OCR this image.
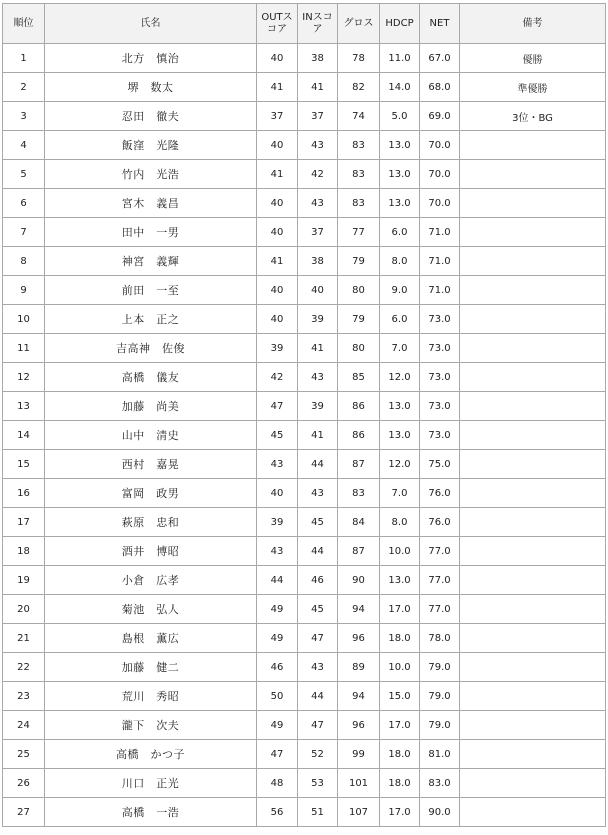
順位	氏名	OUTスコア	INスコア	グロス	HDCP	NET	備考
1	北方　慎治	40	38	78	11.0	67.0	優勝
2	堺　数太	41	41	82	14.0	68.0	準優勝
3	忍田　徹夫	37	37	74	5.0	69.0	3位・BG
4	飯窪　光隆	40	43	83	13.0	70.0	
5	竹内　光浩	41	42	83	13.0	70.0	
6	宮木　義昌	40	43	83	13.0	70.0	
7	田中　一男	40	37	77	6.0	71.0	
8	神宮　義輝	41	38	79	8.0	71.0	
9	前田　一至	40	40	80	9.0	71.0	
10	上本　正之	40	39	79	6.0	73.0	
11	吉高神　佐俊	39	41	80	7.0	73.0	
12	高橋　儀友	42	43	85	12.0	73.0	
13	加藤　尚美	47	39	86	13.0	73.0	
14	山中　清史	45	41	86	13.0	73.0	
15	西村　嘉晃	43	44	87	12.0	75.0	
16	富岡　政男	40	43	83	7.0	76.0	
17	萩原　忠和	39	45	84	8.0	76.0	
18	酒井　博昭	43	44	87	10.0	77.0	
19	小倉　広孝	44	46	90	13.0	77.0	
20	菊池　弘人	49	45	94	17.0	77.0	
21	島根　薫広	49	47	96	18.0	78.0	
22	加藤　健二	46	43	89	10.0	79.0	
23	荒川　秀昭	50	44	94	15.0	79.0	
24	瀧下　次夫	49	47	96	17.0	79.0	
25	高橋　かつ子	47	52	99	18.0	81.0	
26	川口　正光	48	53	101	18.0	83.0	
27	高橋　一浩	56	51	107	17.0	90.0	
